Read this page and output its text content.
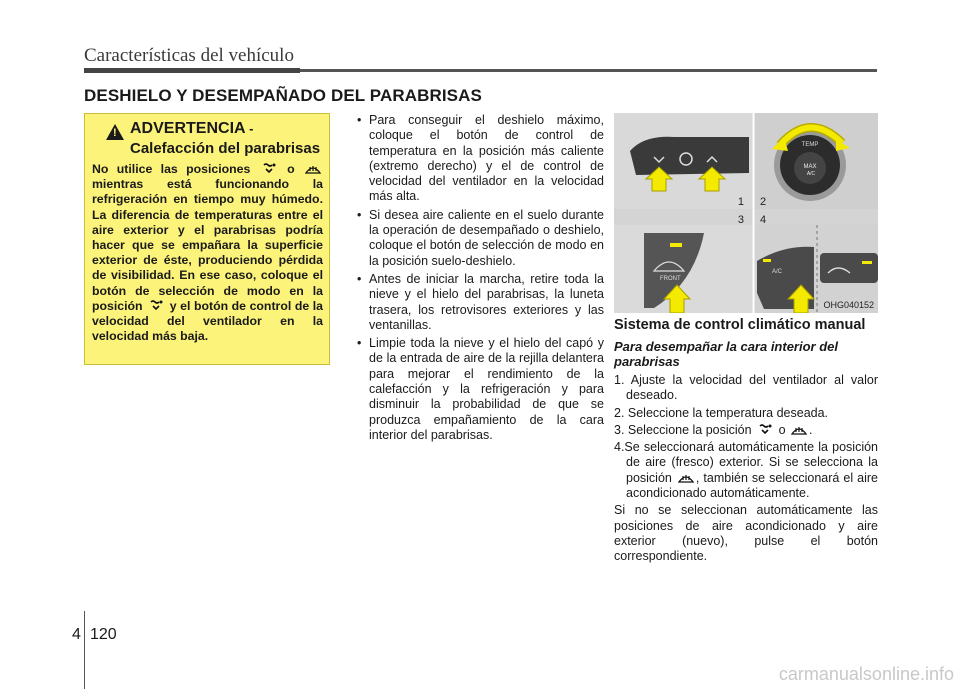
Características del vehículo
DESHIELO Y DESEMPAÑADO DEL PARABRISAS
! ADVERTENCIA -
Calefacción del parabrisas
No utilice las posiciones	o  mientras está funcionando la refrigeración en tiempo muy húmedo. La diferencia de temperaturas entre el aire exterior y el parabrisas podría hacer que se empañara la superficie exterior de éste, produciendo pérdida de visibilidad. En ese caso, coloque el botón de selección de modo en la posición y el botón de control de la velocidad del ventilador en la velocidad más baja.
• Para conseguir el deshielo máximo, coloque el botón de control de temperatura en la posición más caliente (extremo derecho) y el de control de velocidad del ventilador en la velocidad más alta.
• Si desea aire caliente en el suelo durante la operación de desempañado o deshielo, coloque el botón de selección de modo en la posición suelo-deshielo.
• Antes de iniciar la marcha, retire toda la nieve y el hielo del parabrisas, la luneta trasera, los retrovisores exteriores y las ventanillas.
• Limpie toda la nieve y el hielo del capó y de la entrada de aire de la rejilla delantera para mejorar el rendimiento de la calefacción y la refrigeración y para disminuir la probabilidad de que se produzca empañamiento de la cara interior del parabrisas.
TEMP
MAX
A/C
1 2
3 4
FRONT
A/C
OHG040152
Sistema de control climático manual
Para desempañar la cara interior del parabrisas
1. Ajuste la velocidad del ventilador al valor deseado.
2. Seleccione la temperatura deseada.
3. Seleccione la posición o .
4.Se seleccionará automáticamente la posición de aire (fresco) exterior. Si se selecciona la posición , también se seleccionará el aire acondicionado automáticamente.
Si no se seleccionan automáticamente las posiciones de aire acondicionado y aire exterior (nuevo), pulse el botón correspondiente.
4 120
carmanualsonline.info
